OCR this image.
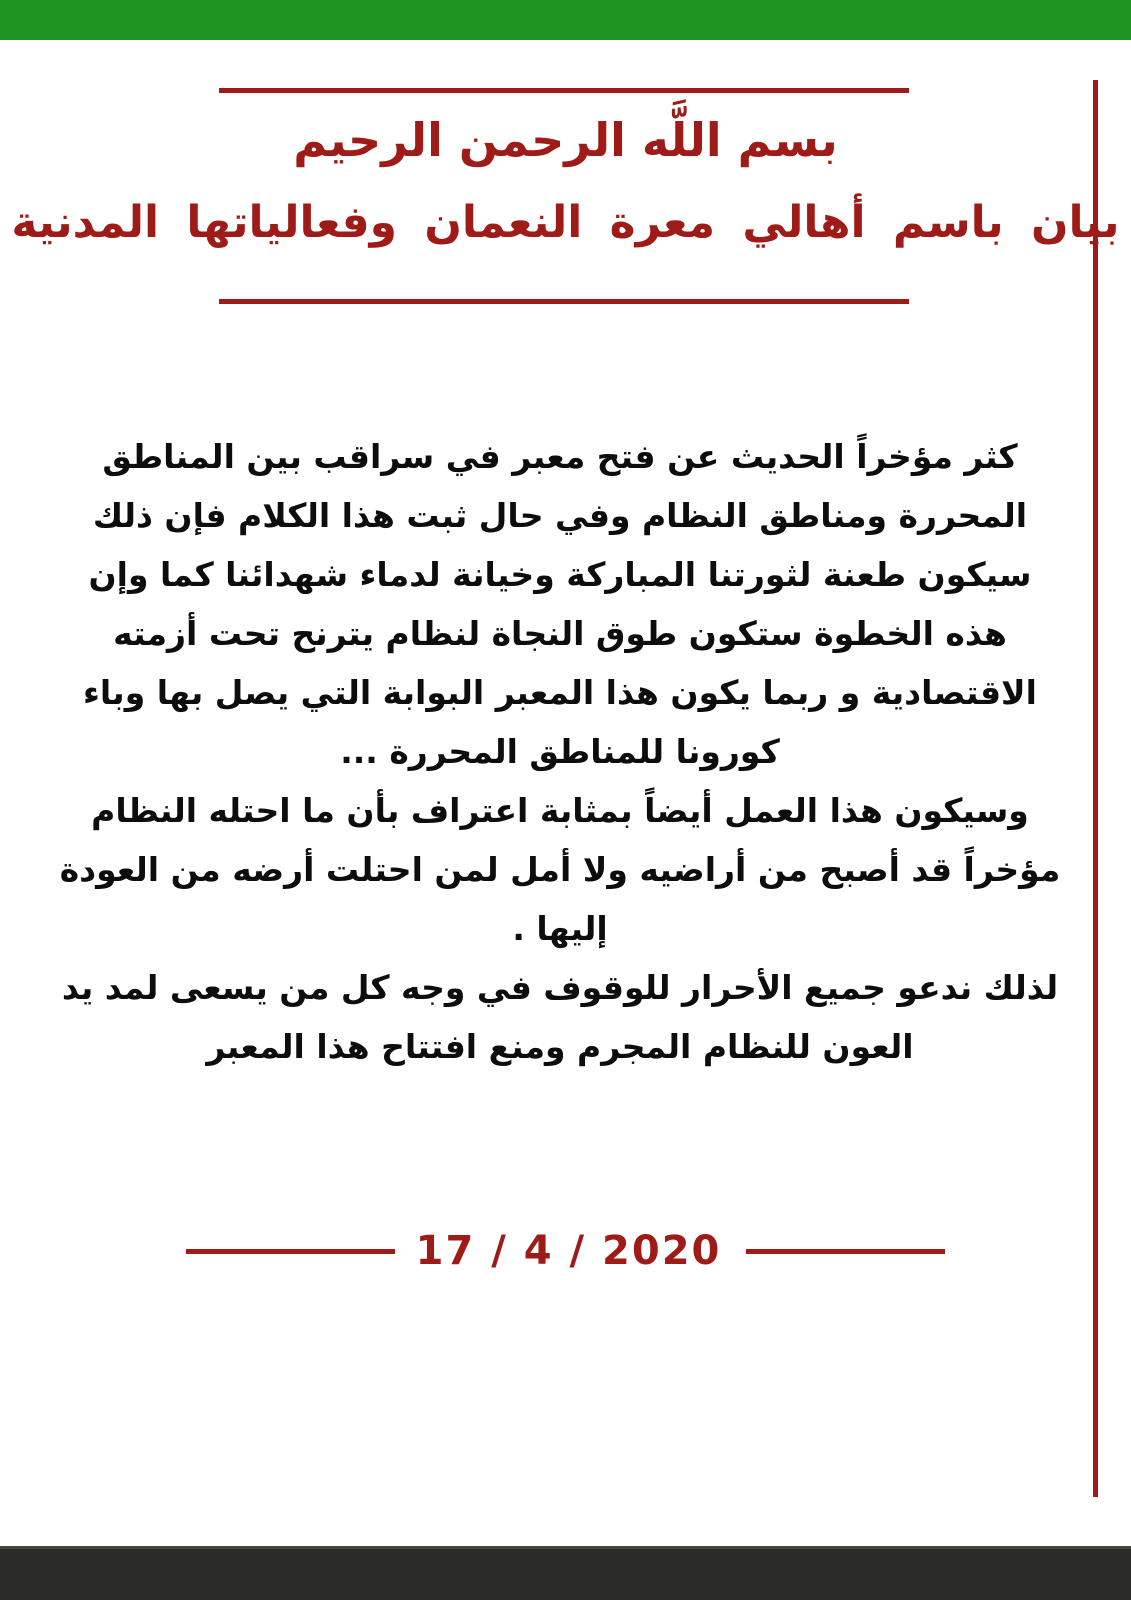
بسم اللَّه الرحمن الرحيم
بيان باسم أهالي معرة النعمان وفعالياتها المدنية
كثر مؤخراً الحديث عن فتح معبر في سراقب بين المناطق
المحررة ومناطق النظام وفي حال ثبت هذا الكلام فإن ذلك
سيكون طعنة لثورتنا المباركة وخيانة لدماء شهدائنا كما وإن
هذه الخطوة ستكون طوق النجاة لنظام يترنح تحت أزمته
الاقتصادية و ربما يكون هذا المعبر البوابة التي يصل بها وباء
كورونا للمناطق المحررة ...
وسيكون هذا العمل أيضاً بمثابة اعتراف بأن ما احتله النظام
مؤخراً قد أصبح من أراضيه ولا أمل لمن احتلت أرضه من العودة
إليها .
لذلك ندعو جميع الأحرار للوقوف في وجه كل من يسعى لمد يد
العون للنظام المجرم ومنع افتتاح هذا المعبر
17 / 4 / 2020
